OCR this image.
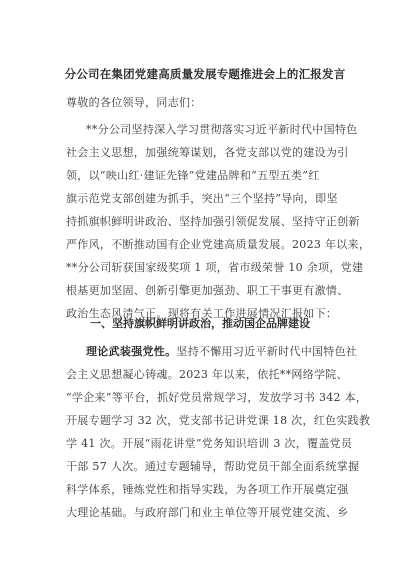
分公司在集团党建高质量发展专题推进会上的汇报发言

尊敬的各位领导，同志们：

**分公司坚持深入学习贯彻落实习近平新时代中国特色
社会主义思想，加强统筹谋划，各党支部以党的建设为引
领，以“映山红·建证先锋”党建品牌和“五型五类”红
旗示范党支部创建为抓手，突出“三个坚持”导向，即坚
持抓旗帜鲜明讲政治、坚持加强引领促发展、坚持守正创新
严作风，不断推动国有企业党建高质量发展。2023 年以来，
**分公司斩获国家级奖项 1 项，省市级荣誉 10 余项，党建
根基更加坚固、创新引擎更加强劲、职工干事更有激情、
政治生态风清气正。现将有关工作进展情况汇报如下：

一、坚持旗帜鲜明讲政治，推动国企品牌建设

理论武装强党性。坚持不懈用习近平新时代中国特色社
会主义思想凝心铸魂。2023 年以来，依托**网络学院、
“学企来”等平台，抓好党员常规学习，发放学习书 342 本，
开展专题学习 32 次，党支部书记讲党课 18 次，红色实践教
学 41 次。开展“雨花讲堂”党务知识培训 3 次，覆盖党员
干部 57 人次。通过专题辅导，帮助党员干部全面系统掌握
科学体系，锤炼党性和指导实践，为各项工作开展奠定强
大理论基础。与政府部门和业主单位等开展党建交流、乡
